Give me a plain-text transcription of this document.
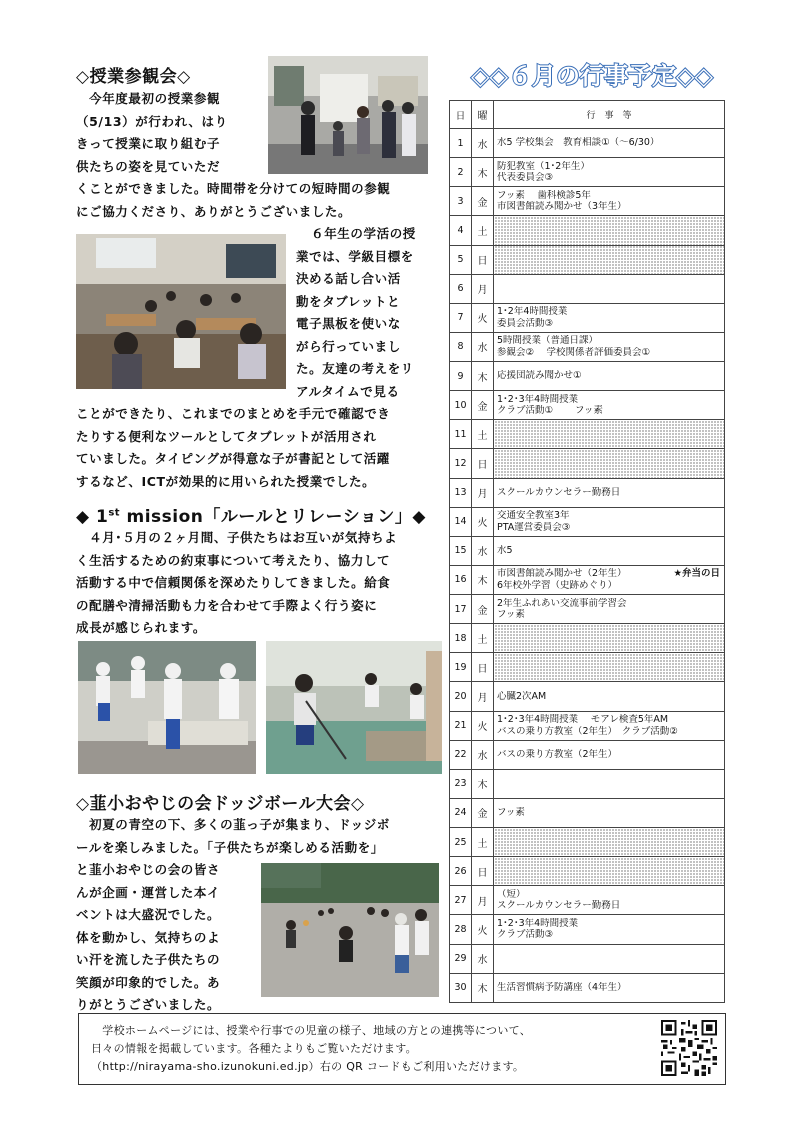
◇授業参観会◇
　今年度最初の授業参観
（5/13）が行われ、はり
きって授業に取り組む子
供たちの姿を見ていただ
くことができました。時間帯を分けての短時間の参観
にご協力くださり、ありがとうございました。
　６年生の学活の授
業では、学級目標を
決める話し合い活
動をタブレットと
電子黒板を使いな
がら行っていまし
た。友達の考えをリ
アルタイムで見る
ことができたり、これまでのまとめを手元で確認でき
たりする便利なツールとしてタブレットが活用され
ていました。タイピングが得意な子が書記として活躍
するなど、ICTが効果的に用いられた授業でした。
◆ 1st mission「ルールとリレーション」◆
　４月･５月の２ヶ月間、子供たちはお互いが気持ちよ
く生活するための約束事について考えたり、協力して
活動する中で信頼関係を深めたりしてきました。給食
の配膳や清掃活動も力を合わせて手際よく行う姿に
成長が感じられます。
◇韮小おやじの会ドッジボール大会◇
　初夏の青空の下、多くの韮っ子が集まり、ドッジボ
ールを楽しみました。「子供たちが楽しめる活動を」
と韮小おやじの会の皆さ
んが企画・運営した本イ
ベントは大盛況でした。
体を動かし、気持ちのよ
い汗を流した子供たちの
笑顔が印象的でした。あ
りがとうございました。
◇◇６月の行事予定◇◇
日	曜	行　事　等
1	水	水5 学校集会　教育相談①（～6/30）

2	木	防犯教室（1･2年生）
代表委員会③

3	金	フッ素　 歯科検診5年
市図書館読み聞かせ（3年生）

4	土	

5	日	

6	月	

7	火	1･2年4時間授業
委員会活動③

8	水	5時間授業（普通日課）
参観会②　 学校関係者評価委員会①

9	木	応援団読み聞かせ①

10	金	1･2･3年4時間授業
クラブ活動①　　 フッ素

11	土	

12	日	

13	月	スクールカウンセラー勤務日

14	火	交通安全教室3年
PTA運営委員会③

15	水	水5

16	木	市図書館読み聞かせ（2年生）
6年校外学習（史跡めぐり）
★弁当の日

17	金	2年生ふれあい交流事前学習会
フッ素

18	土	

19	日	

20	月	心臓2次AM

21	火	1･2･3年4時間授業　 モアレ検査5年AM
バスの乗り方教室（2年生）　クラブ活動②

22	水	バスの乗り方教室（2年生）

23	木	

24	金	フッ素

25	土	

26	日	

27	月	（短）
スクールカウンセラー勤務日

28	火	1･2･3年4時間授業
クラブ活動③

29	水	

30	木	生活習慣病予防講座（4年生）
　学校ホームページには、授業や行事での児童の様子、地域の方との連携等について、
日々の情報を掲載しています。各種たよりもご覧いただけます。
（http://nirayama-sho.izunokuni.ed.jp）右の QR コードもご利用いただけます。
